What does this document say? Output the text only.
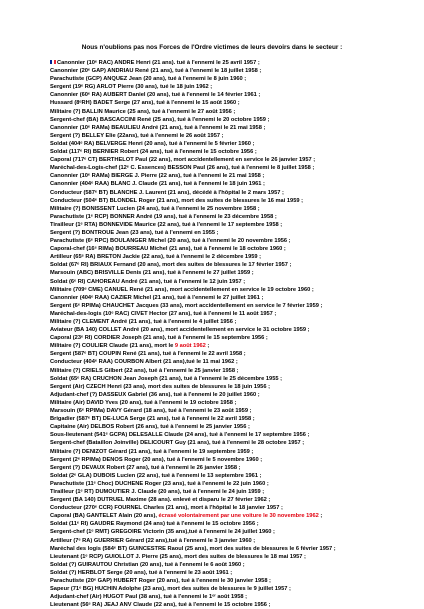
Nous n'oublions pas nos Forces de l'Ordre victimes de leurs devoirs dans le secteur :
Canonnier (10ᵉ RAC) ANDRE Henri (21 ans). tué à l'ennemi le 25 avril 1957 ;
Canonnier (20ᵉ GAP) ANDRIAU René (21 ans), tué à l'ennemi le 18 juillet 1958 ;
Parachutiste (GCP) ANQUEZ Jean (20 ans), tué à l'ennemi le 8 juin 1960 ;
Sergent (19ᵉ RG) ARLOT Pierre (30 ans), tué le 18 juin 1962 ;
Canonnier (60ᵉ RA) AUBERT Daniel (20 ans), tué à l'ennemi le 14 février 1961 ;
Hussard (8ᵉRH) BADET Serge (27 ans), tué à l'ennemi le 15 août 1960 ;
Militaire (?) BALLIN Maurice (25 ans), tué à l'ennemi le 27 août 1956 ;
Sergent-chef (BA) BASCACCINI René (25 ans), tué à l'ennemi le 20 octobre 1959 ;
Canonnier (10ᵉ RAMa) BEAULIEU André (21 ans), tué à l'ennemi le 21 mai 1958 ;
Sergent (?) BELLEY Elie (22ans), tué à l'ennemi le 26 août 1957 ;
Soldat (404ᵉ RA) BELVERGE Henri (20 ans), tué à l'ennemi le 5 février 1960 ;
Soldat (117ᵉ RI) BERNIER Robert (24 ans), tué à l'ennemi le 15 octobre 1956 ;
Caporal (717ᵉ CT) BERTHELOT Paul (22 ans), mort accidentellement en service le 26 janvier 1957 ;
Maréchal-des-Logis-chef (12ᵉ C. Essences) BESSON Paul (26 ans), tué à l'ennemi le 8 juillet 1958 ;
Canonnier (10ᵉ RAMa) BIERGE J. Pierre (22 ans), tué à l'ennemi le 21 mai 1958 ;
Canonnier (404ᵉ RAA) BLANC J. Claude (21 ans), tué à l'ennemi le 18 juin 1961 ;
Conducteur (587ᵉ BT) BLANCHE J. Laurent (21 ans), décédé à l'hôpital le 2 mars 1957 ;
Conducteur (504ᵉ BT) BLONDEL Roger (21 ans), mort des suites de blessures le 16 mai 1959 ;
Militaire (?) BONISSENT Lucien (24 ans), tué à l'ennemi le 25 novembre 1958 ;
Parachutiste (1ᵉ RCP) BONNER André (19 ans), tué à l'ennemi le 23 décembre 1958 ;
Tirailleur (1ᵉ RTA) BONNEVIDE Maurice (22 ans), tué à l'ennemi le 17 septembre 1958 ;
Sergent (?) BONTROUE Jean (23 ans), tué à l'ennemi en 1955 ;
Parachutiste (6ᵉ RPC) BOULANGER Michel (20 ans), tué à l'ennemi le 20 novembre 1956 ;
Caporal-chef (16ᵉ RIMa) BOURREAU Michel (21 ans), tué à l'ennemi le 18 octobre 1960 ;
Artilleur (65ᵉ RA) BRETON Jackie (22 ans), tué à l'ennemi le 2 décembre 1959 ;
Soldat (67ᵉ RI) BRIAUX Fernand (20 ans), mort des suites de blessures le 17 février 1957 ;
Marsouin (ABC) BRISVILLE Denis (21 ans), tué à l'ennemi le 27 juillet 1959 ;
Soldat (6ᵉ RI) CAHOREAU André (21 ans), tué à l'ennemi le 12 juin 1957 ;
Militaire (709ᵉ CME) CANUEL René (21 ans), mort accidentellement en service le 19 octobre 1960 ;
Canonnier (404ᵉ RAA) CAZIER Michel (21 ans), tué à l'ennemi le 27 juillet 1961 ;
Sergent (6ᵉ RPIMa) CHAUCHET Jacques (33 ans), mort accidentellement en service le 7 février 1959 ;
Maréchal-des-logis (10ᵉ RAC) CIVET Hector (27 ans), tué à l'ennemi le 11 août 1957 ;
Militaire (?) CLEMENT André (21 ans), tué à l'ennemi le 4 juillet 1956 ;
Aviateur (BA 140) COLLET André (20 ans), mort accidentellement en service le 31 octobre 1959 ;
Caporal (23ᵉ RI) CORDIER Joseph (21 ans), tué à l'ennemi le 15 septembre 1956 ;
Militaire (?) COULIER Claude (21 ans), mort le 9 août 1962 ;
Sergent (587ᵉ BT) COUPIN René (21 ans), tué à l'ennemi le 22 avril 1958 ;
Conducteur (404ᵉ RAA) COURBON Albert (21 ans),tué le 11 mai 1962 ;
Militaire (?) CRIELS Gilbert (22 ans), tué à l'ennemi le 25 janvier 1958 ;
Soldat (65ᵉ RA) CRUCHON Jean Joseph (21 ans), tué à l'ennemi le 25 décembre 1955 ;
Sergent (Air) CZECH Henri (23 ans), mort des suites de blessures le 18 juin 1956 ;
Adjudant-chef (?) DASSEUX Gabriel (36 ans), tué à l'ennemi le 20 juillet 1960 ;
Militaire (Air) DAVID Yves (20 ans), tué à l'ennemi le 19 octobre 1958 ;
Marsouin (6ᵉ RPIMa) DAVY Gérard (18 ans), tué à l'ennemi le 23 août 1959 ;
Brigadier (587ᵉ BT) DE-LUCA Serge (21 ans), tué à l'ennemi le 22 avril 1958 ;
Capitaine (Air) DELBOS Robert (26 ans), tué à l'ennemi le 25 janvier 1956 ;
Sous-lieutenant (541ᵉ GCPA) DELESALLE Claude (24 ans), tué à l'ennemi le 17 septembre 1956 ;
Sergent-chef (Bataillon Joinville) DELICOURT Guy (21 ans), tué à l'ennemi le 28 octobre 1957 ;
Militaire (?) DENIZOT Gérard (21 ans), tué à l'ennemi le 19 septembre 1959 ;
Sergent (2ᵉ RPIMa) DENOS Roger (20 ans), tué à l'ennemi le 5 novembre 1960 ;
Sergent (?) DEVAUX Robert (27 ans), tué à l'ennemi le 26 janvier 1958 ;
Soldat (2ᵉ GLA) DUBOIS Lucien (22 ans), tué à l'ennemi le 13 septembre 1961 ;
Parachutiste (11ᵉ Choc) DUCHENE Roger (23 ans), tué à l'ennemi le 22 juin 1960 ;
Tirailleur (1ᵉ RT) DUMOUTIER J. Claude (20 ans), tué à l'ennemi le 24 juin 1959 ;
Sergent (BA 140) DUTRUEL Maxime (28 ans). enlevé et disparu le 27 février 1962 ;
Conducteur (270ᵉ CCR) FOURNEL Charles (21 ans), mort à l'hôpital le 18 janvier 1957 ;
Caporal (BA) GANTELET Alain (20 ans), écrasé volontairement par une voiture le 30 novembre 1962 ;
Soldat (11ᵉ RI) GAUDRE Raymond (24 ans) tué à l'ennemi le 15 octobre 1956 ;
Sergent-chef (1ᵉ RMT) GREGOIRE Victorin (35 ans),tué à l'ennemi le 24 juillet 1960 ;
Artilleur (7ᵉ RA) GUERRIER Gérard (22 ans),tué à l'ennemi le 3 janvier 1960 ;
Maréchal des logis (584ᵉ BT) GUINCESTRE Raoul (25 ans), mort des suites de blessures le 6 février 1957 ;
Lieutenant (1ᵉ RCP) GUIOLLOT J. Pierre (25 ans), mort des suites de blessures le 18 mai 1957 ;
Soldat (?) GUIRAUTOU Christian (20 ans), tué à l'ennemi le 6 août 1960 ;
Soldat (?) HERBLOT Serge (20 ans), tué à l'ennemi le 23 août 1961 ;
Parachutiste (20ᵉ GAP) HUBERT Roger (20 ans), tué à l'ennemi le 30 janvier 1958 ;
Sapeur (71ᵉ BG) HUCHIN Adolphe (23 ans), mort des suites de blessures le 9 juillet 1957 ;
Adjudant-chef (Air) HUGOT Paul (38 ans), tué à l'ennemi le 1ᵉʳ août 1958 ;
Lieutenant (56ᵉ RA) JEAJ ANV Claude (22 ans), tué à l'ennemi le 15 octobre 1956 ;
